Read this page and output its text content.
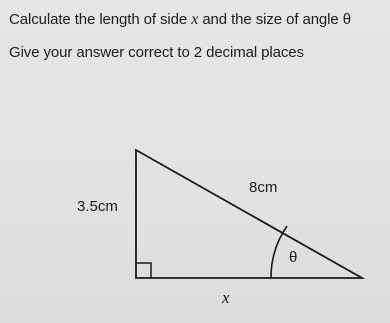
Calculate the length of side x and the size of angle θ
Give your answer correct to 2 decimal places
3.5cm
8cm
θ
x
